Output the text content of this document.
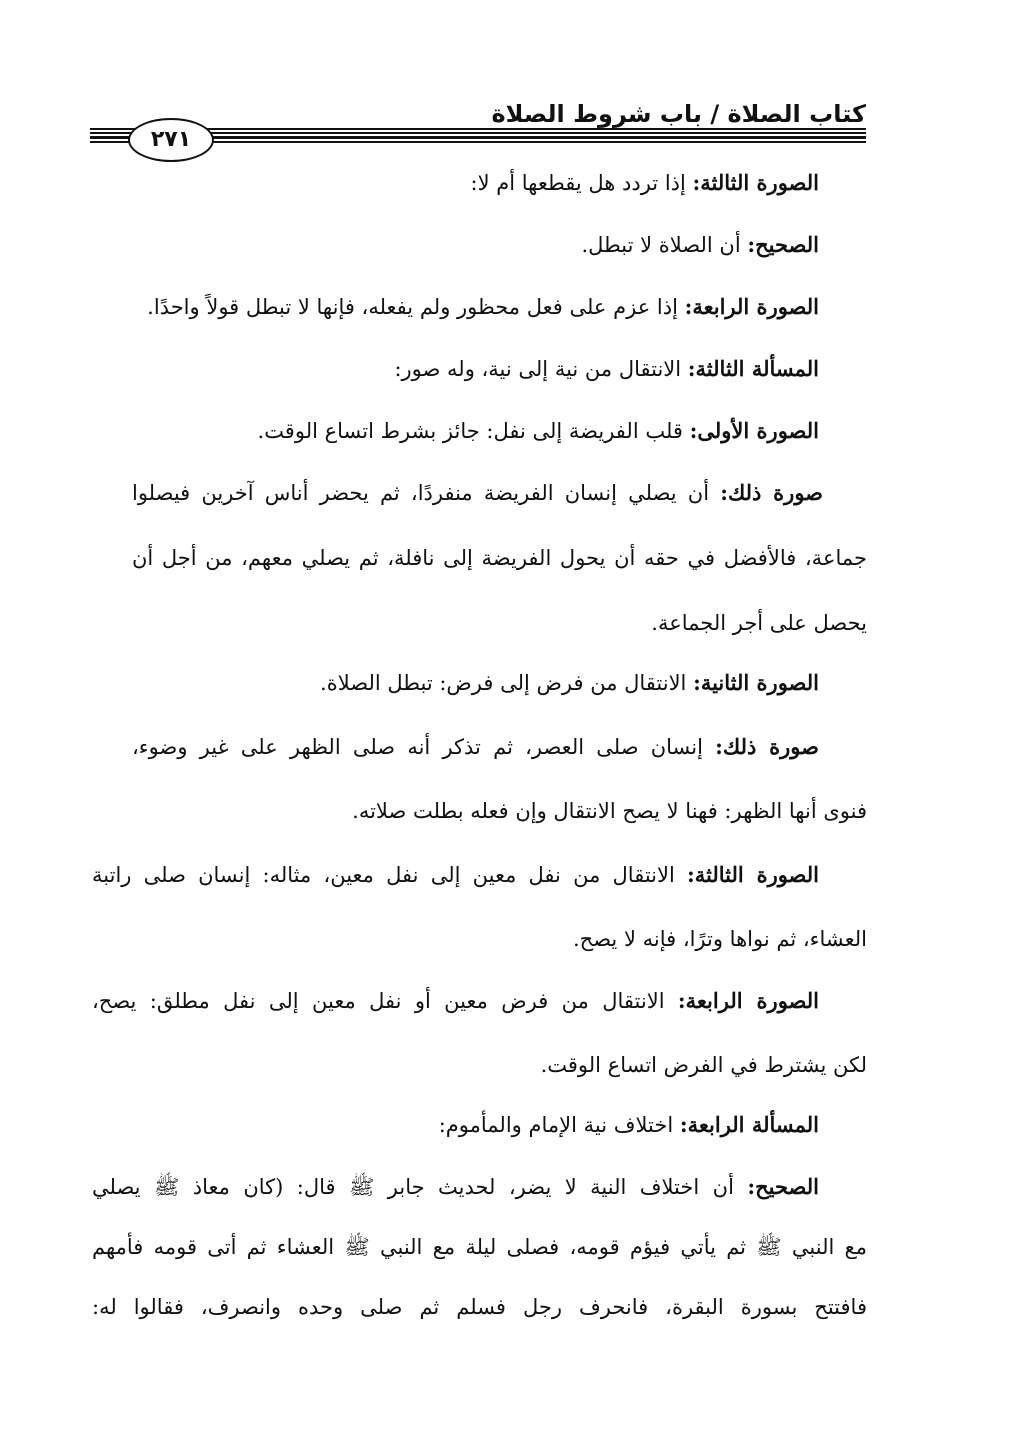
كتاب الصلاة / باب شروط الصلاة
٢٧١
الصورة الثالثة: إذا تردد هل يقطعها أم لا:
الصحيح: أن الصلاة لا تبطل.
الصورة الرابعة: إذا عزم على فعل محظور ولم يفعله، فإنها لا تبطل قولاً واحدًا.
المسألة الثالثة: الانتقال من نية إلى نية، وله صور:
الصورة الأولى: قلب الفريضة إلى نفل: جائز بشرط اتساع الوقت.
صورة ذلك: أن يصلي إنسان الفريضة منفردًا، ثم يحضر أناس آخرين فيصلوا
جماعة، فالأفضل في حقه أن يحول الفريضة إلى نافلة، ثم يصلي معهم، من أجل أن
يحصل على أجر الجماعة.
الصورة الثانية: الانتقال من فرض إلى فرض: تبطل الصلاة.
صورة ذلك: إنسان صلى العصر، ثم تذكر أنه صلى الظهر على غير وضوء،
فنوى أنها الظهر: فهنا لا يصح الانتقال وإن فعله بطلت صلاته.
الصورة الثالثة: الانتقال من نفل معين إلى نفل معين، مثاله: إنسان صلى راتبة
العشاء، ثم نواها وترًا، فإنه لا يصح.
الصورة الرابعة: الانتقال من فرض معين أو نفل معين إلى نفل مطلق: يصح،
لكن يشترط في الفرض اتساع الوقت.
المسألة الرابعة: اختلاف نية الإمام والمأموم:
الصحيح: أن اختلاف النية لا يضر، لحديث جابر ﷺ قال: (كان معاذ ﷺ يصلي
مع النبي ﷺ ثم يأتي فيؤم قومه، فصلى ليلة مع النبي ﷺ العشاء ثم أتى قومه فأمهم
فافتتح بسورة البقرة، فانحرف رجل فسلم ثم صلى وحده وانصرف، فقالوا له:
